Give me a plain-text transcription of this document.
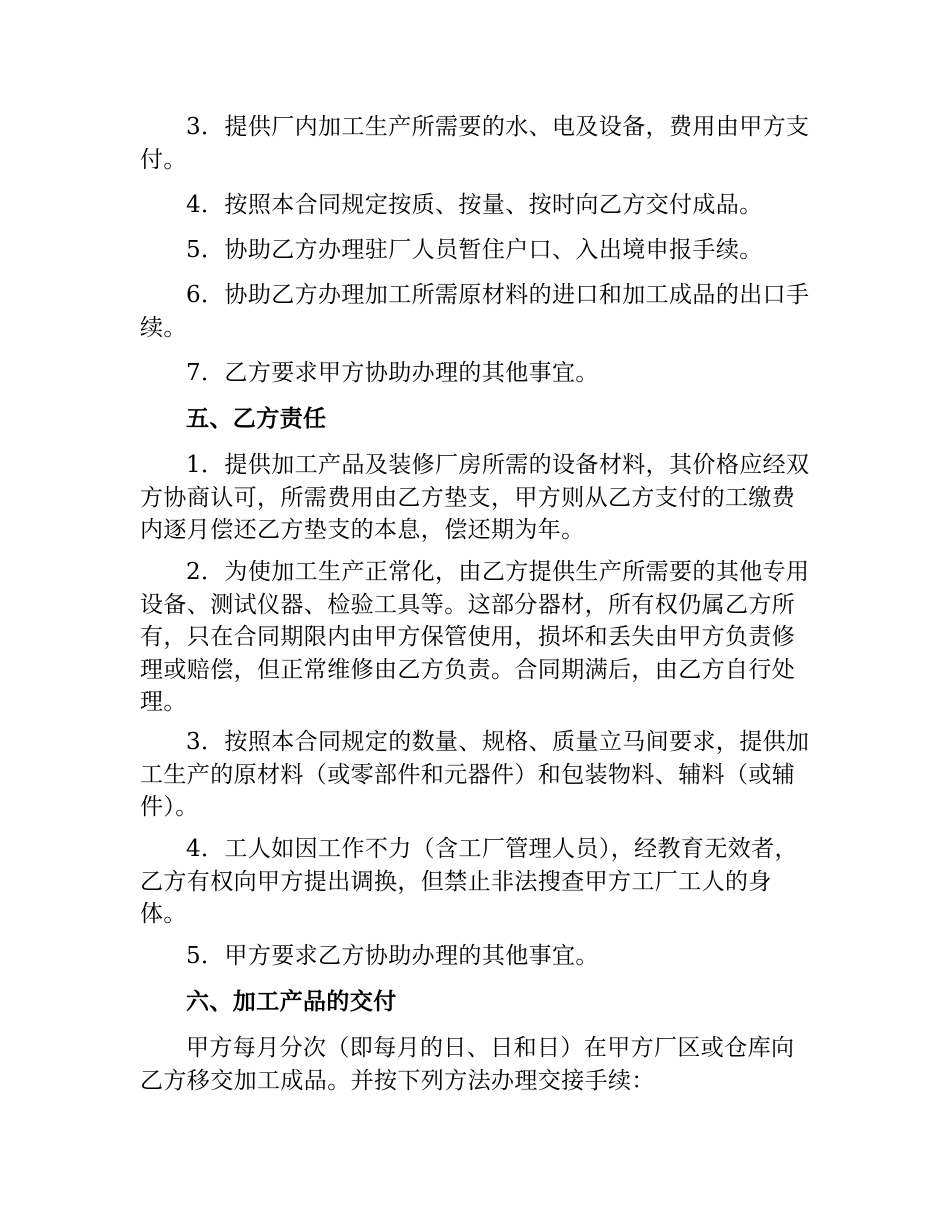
3．提供厂内加工生产所需要的水、电及设备，费用由甲方支付。

4．按照本合同规定按质、按量、按时向乙方交付成品。

5．协助乙方办理驻厂人员暂住户口、入出境申报手续。

6．协助乙方办理加工所需原材料的进口和加工成品的出口手续。

7．乙方要求甲方协助办理的其他事宜。

五、乙方责任

1．提供加工产品及装修厂房所需的设备材料，其价格应经双方协商认可，所需费用由乙方垫支，甲方则从乙方支付的工缴费内逐月偿还乙方垫支的本息，偿还期为年。

2．为使加工生产正常化，由乙方提供生产所需要的其他专用设备、测试仪器、检验工具等。这部分器材，所有权仍属乙方所有，只在合同期限内由甲方保管使用，损坏和丢失由甲方负责修理或赔偿，但正常维修由乙方负责。合同期满后，由乙方自行处理。

3．按照本合同规定的数量、规格、质量立马间要求，提供加工生产的原材料（或零部件和元器件）和包装物料、辅料（或辅件）。

4．工人如因工作不力（含工厂管理人员），经教育无效者，乙方有权向甲方提出调换，但禁止非法搜查甲方工厂工人的身体。

5．甲方要求乙方协助办理的其他事宜。

六、加工产品的交付

甲方每月分次（即每月的日、日和日）在甲方厂区或仓库向乙方移交加工成品。并按下列方法办理交接手续：
